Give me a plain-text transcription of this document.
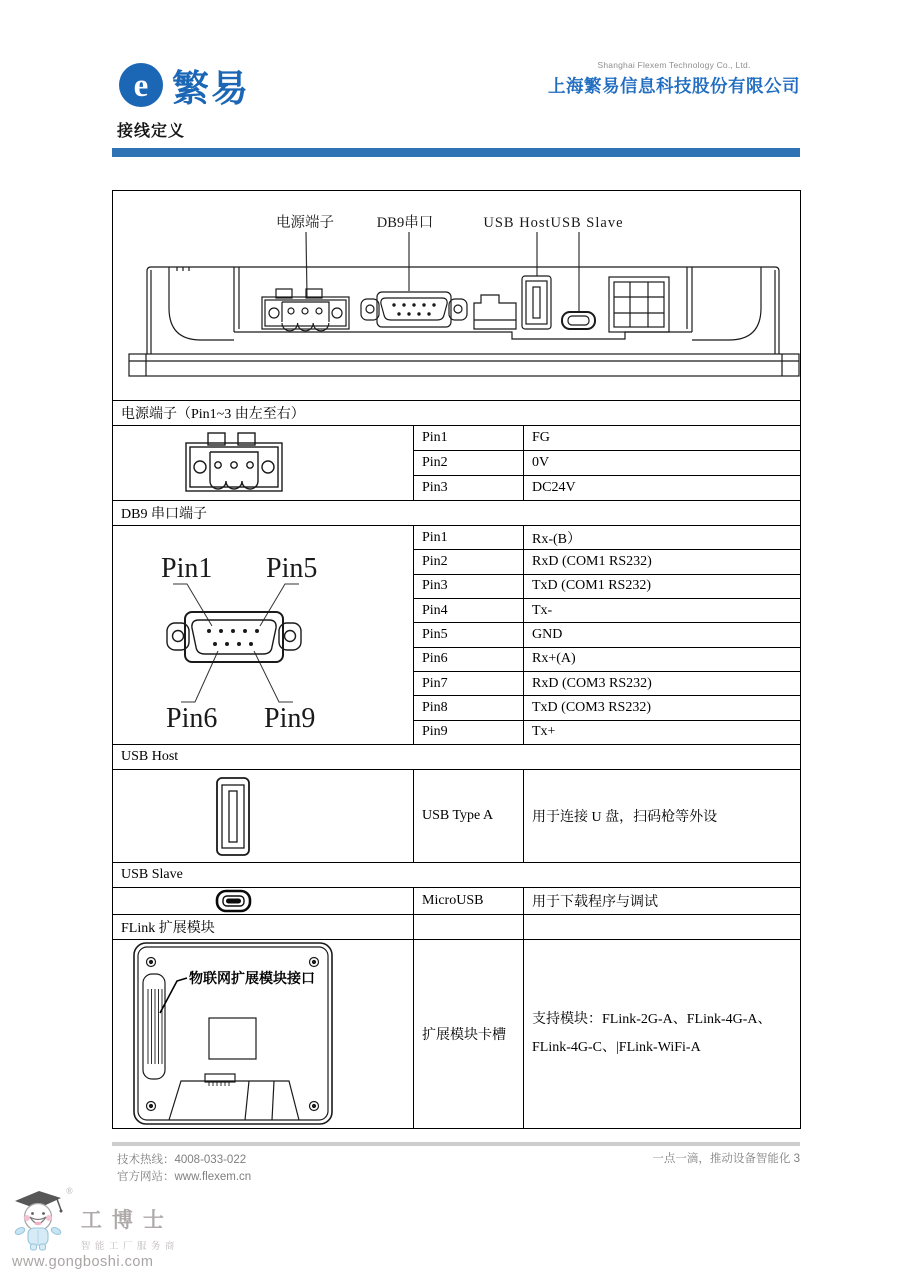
e 繁易
Shanghai Flexem Technology Co., Ltd.
上海繁易信息科技股份有限公司
接线定义
电源端子 DB9串口 USB Host USB Slave		

电源端子（Pin1~3 由左至右）		

	Pin1	FG
	Pin2	0V
	Pin3	DC24V
DB9 串口端子		

Pin1 Pin5
Pin6 Pin9	Pin1	Rx-(B）
	Pin2	RxD (COM1 RS232)
	Pin3	TxD (COM1 RS232)
	Pin4	Tx-
	Pin5	GND
	Pin6	Rx+(A)
	Pin7	RxD (COM3 RS232)
	Pin8	TxD (COM3 RS232)
	Pin9	Tx+
USB Host		

	USB Type A	用于连接 U 盘，扫码枪等外设
USB Slave		

	MicroUSB	用于下载程序与调试
FLink 扩展模块		

物联网扩展模块接口	扩展模块卡槽	支持模块：FLink-2G-A、FLink-4G-A、FLink-4G-C、|FLink-WiFi-A
技术热线：4008-033-022
官方网站：www.flexem.cn
一点一滴，推动设备智能化 3
®
工博士
智能工厂服务商
www.gongboshi.com
